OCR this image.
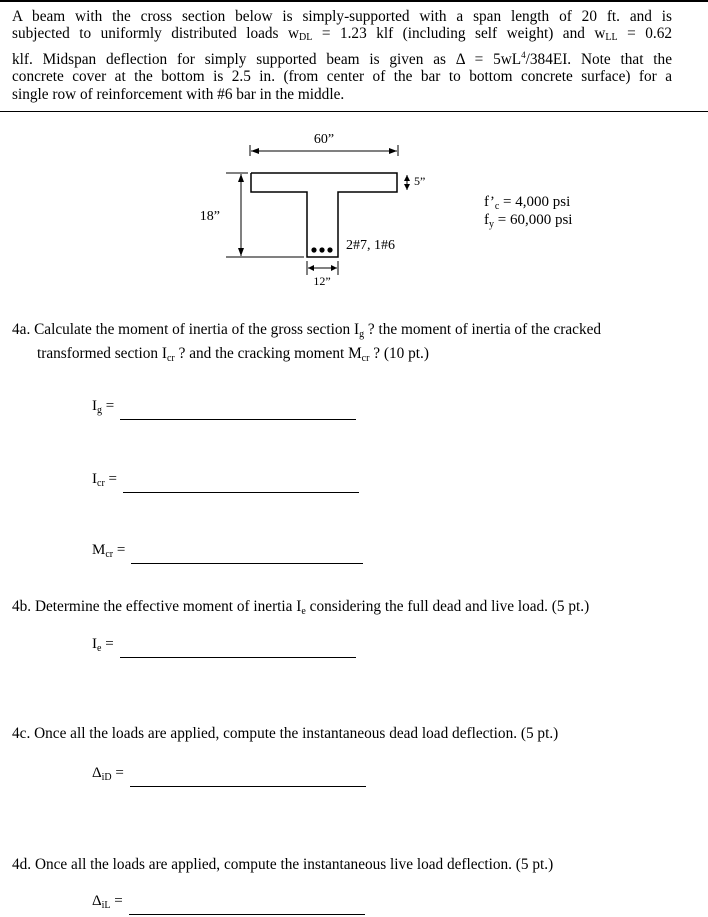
A beam with the cross section below is simply-supported with a span length of 20 ft. and is
subjected to uniformly distributed loads $w_{DL} = 1.23$ klf (including self weight) and $w_{LL} = 0.62$
klf. Midspan deflection for simply supported beam is given as $\Delta = 5wL^4/384EI$. Note that the
concrete cover at the bottom is 2.5 in. (from center of the bar to bottom concrete surface) for a
single row of reinforcement with #6 bar in the middle.
60”
2#7, 1#6
18”
5”
12”
$f’_c = 4,000$ psi
$f_y = 60,000$ psi
4a. Calculate the moment of inertia of the gross section Ig ? the moment of inertia of the cracked
transformed section Icr ? and the cracking moment Mcr ? (10 pt.)
$I_g$ =
$I_{cr}$ =
$M_{cr}$ =
4b. Determine the effective moment of inertia Ie considering the full dead and live load. (5 pt.)
$I_e$ =
4c. Once all the loads are applied, compute the instantaneous dead load deflection. (5 pt.)
$\Delta_{iD}$ =
4d. Once all the loads are applied, compute the instantaneous live load deflection. (5 pt.)
$\Delta_{iL}$ =
